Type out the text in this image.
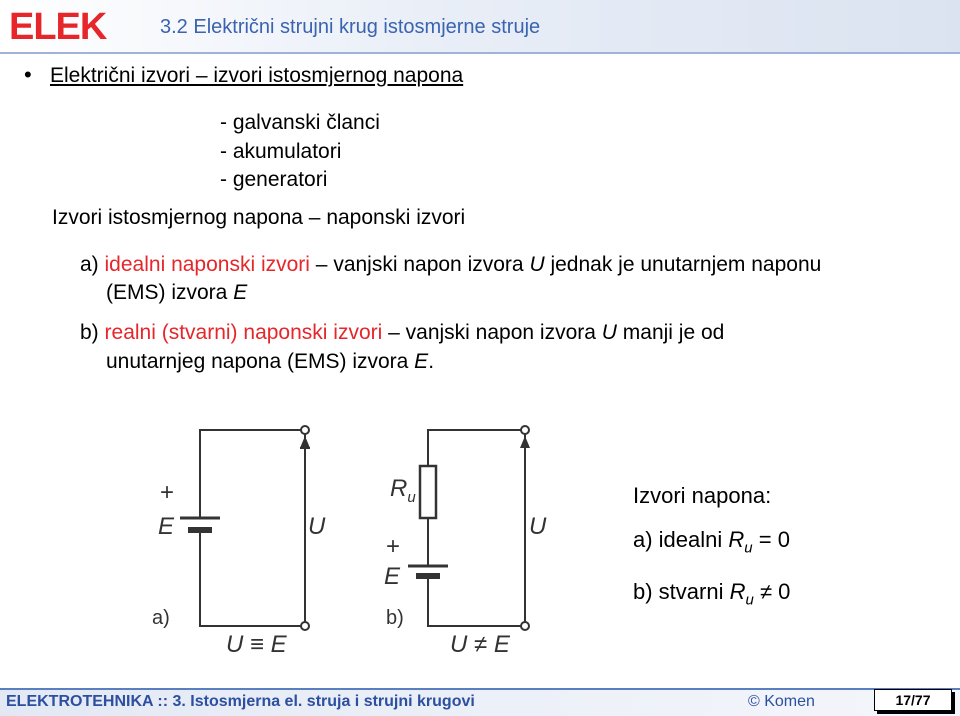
ELEK	3.2 Električni strujni krug istosmjerne struje
• Električni izvori – izvori istosmjernog napona
- galvanski članci
- akumulatori
- generatori
Izvori istosmjernog napona – naponski izvori
a) idealni naponski izvori – vanjski napon izvora U jednak je unutarnjem naponu
(EMS) izvora E
b) realni (stvarni) naponski izvori – vanjski napon izvora U manji je od
unutarnjeg napona (EMS) izvora E.
+
E	U
a)
U ≡ E
$R_u$
+
E
U
b)
U ≠ E
Izvori napona:
a) idealni $R_u = 0$
b) stvarni $R_u \ne 0$
ELEKTROTEHNIKA :: 3. Istosmjerna el. struja i strujni krugovi	© Komen	17/77
